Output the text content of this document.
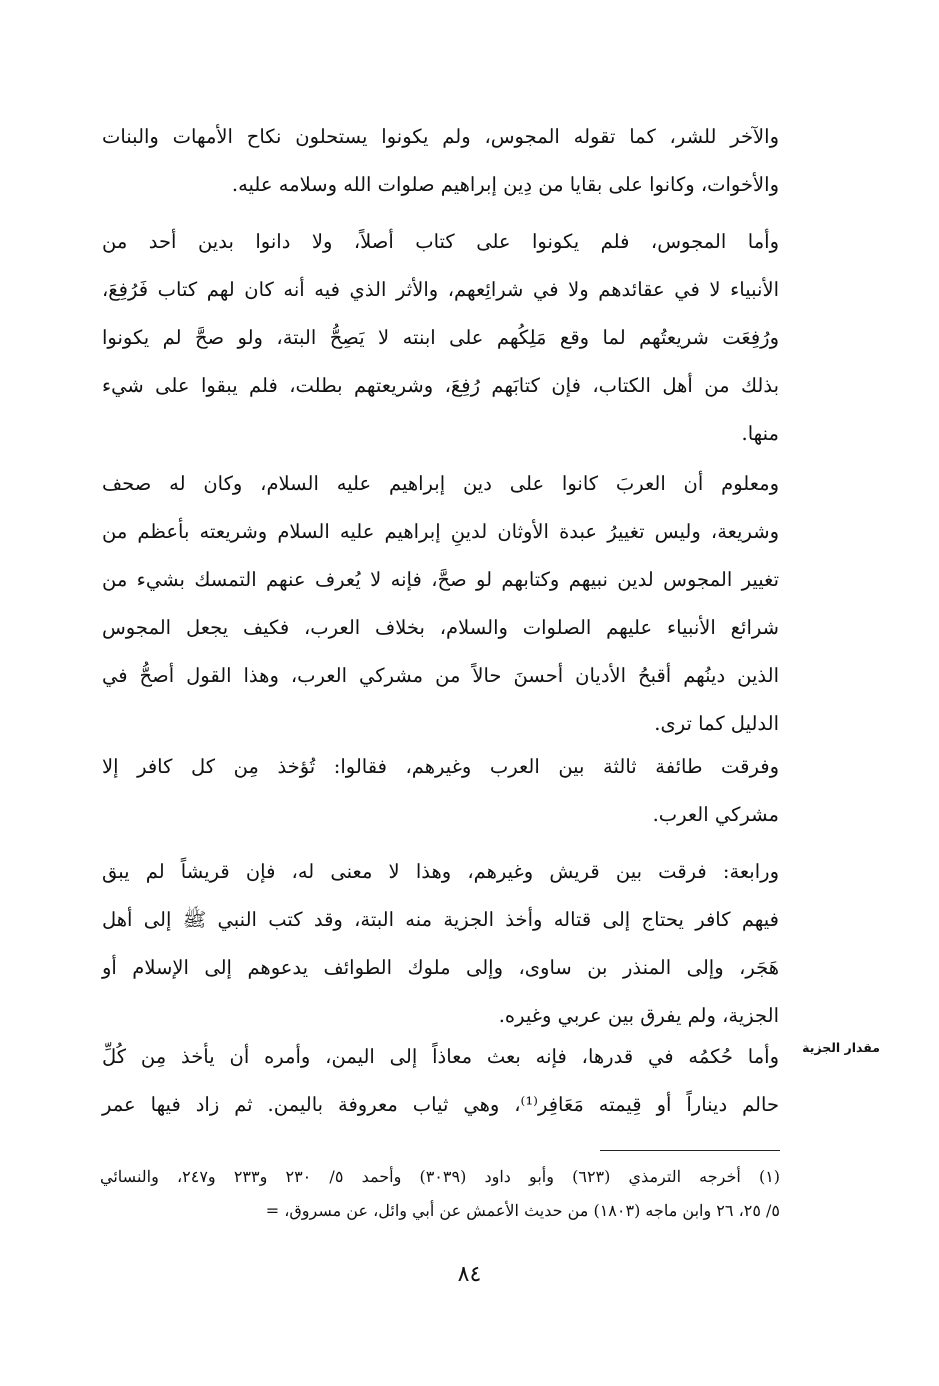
والآخر للشر، كما تقوله المجوس، ولم يكونوا يستحلون نكاح الأمهات والبنات
والأخوات، وكانوا على بقايا من دِين إبراهيم صلوات الله وسلامه عليه.
وأما المجوس، فلم يكونوا على كتاب أصلاً، ولا دانوا بدين أحد من
الأنبياء لا في عقائدهم ولا في شرائِعهم، والأثر الذي فيه أنه كان لهم كتاب فَرُفِعَ،
ورُفِعَت شريعتُهم لما وقع مَلِكُهم على ابنته لا يَصِحُّ البتة، ولو صحَّ لم يكونوا
بذلك من أهل الكتاب، فإن كتابَهم رُفِعَ، وشريعتهم بطلت، فلم يبقوا على شيء
منها.
ومعلوم أن العربَ كانوا على دين إبراهيم عليه السلام، وكان له صحف
وشريعة، وليس تغييرُ عبدة الأوثان لدينِ إبراهيم عليه السلام وشريعته بأعظم من
تغيير المجوس لدين نبيهم وكتابهم لو صحَّ، فإنه لا يُعرف عنهم التمسك بشيء من
شرائع الأنبياء عليهم الصلوات والسلام، بخلاف العرب، فكيف يجعل المجوس
الذين دينُهم أقبحُ الأديان أحسنَ حالاً من مشركي العرب، وهذا القول أصحُّ في
الدليل كما ترى.
وفرقت طائفة ثالثة بين العرب وغيرهم، فقالوا: تُؤخذ مِن كل كافر إلا
مشركي العرب.
ورابعة: فرقت بين قريش وغيرهم، وهذا لا معنى له، فإن قريشاً لم يبق
فيهم كافر يحتاج إلى قتاله وأخذ الجزية منه البتة، وقد كتب النبي ﷺ إلى أهل
هَجَر، وإلى المنذر بن ساوى، وإلى ملوك الطوائف يدعوهم إلى الإسلام أو
الجزية، ولم يفرق بين عربي وغيره.
وأما حُكمُه في قدرها، فإنه بعث معاذاً إلى اليمن، وأمره أن يأخذ مِن كُلِّ
حالم ديناراً أو قِيمته مَعَافِر⁽¹⁾، وهي ثياب معروفة باليمن. ثم زاد فيها عمر
مقدار الجزية
(١) أخرجه الترمذي (٦٢٣) وأبو داود (٣٠٣٩) وأحمد ٥/ ٢٣٠ و٢٣٣ و٢٤٧، والنسائي
٥/ ٢٥، ٢٦ وابن ماجه (١٨٠٣) من حديث الأعمش عن أبي وائل، عن مسروق، =
٨٤
